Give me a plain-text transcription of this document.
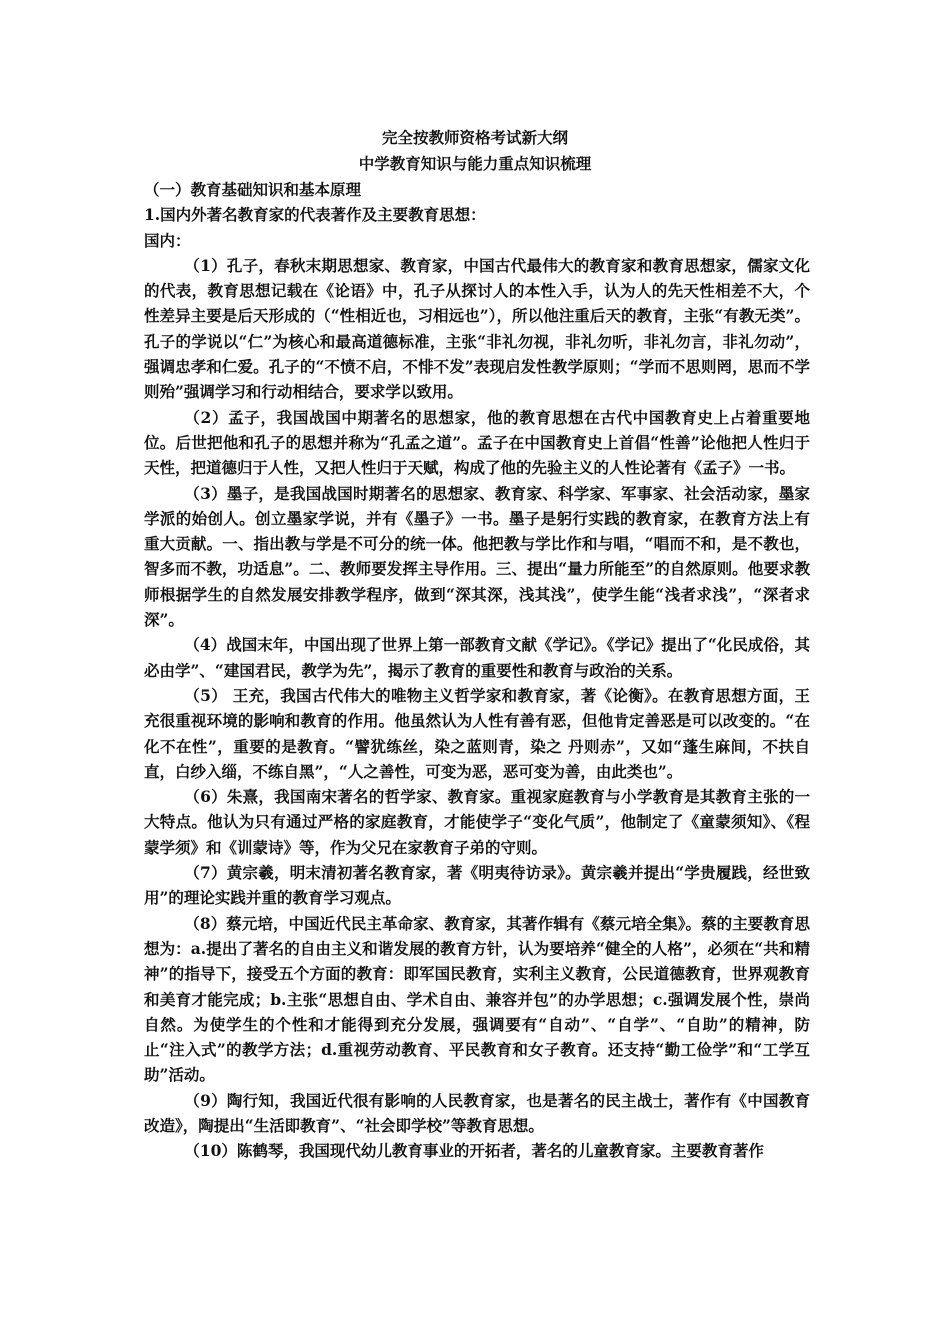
完全按教师资格考试新大纲
中学教育知识与能力重点知识梳理

（一）教育基础知识和基本原理

1.国内外著名教育家的代表著作及主要教育思想：

国内：

（1）孔子，春秋末期思想家、教育家，中国古代最伟大的教育家和教育思想家，儒家文化的代表，教育思想记载在《论语》中，孔子从探讨人的本性入手，认为人的先天性相差不大，个性差异主要是后天形成的（“性相近也，习相远也”），所以他注重后天的教育，主张“有教无类”。孔子的学说以“仁”为核心和最高道德标准，主张“非礼勿视，非礼勿听，非礼勿言，非礼勿动”，强调忠孝和仁爱。孔子的“不愤不启，不悱不发”表现启发性教学原则；“学而不思则罔，思而不学则殆”强调学习和行动相结合，要求学以致用。

（2）孟子，我国战国中期著名的思想家，他的教育思想在古代中国教育史上占着重要地位。后世把他和孔子的思想并称为“孔孟之道”。孟子在中国教育史上首倡“性善”论他把人性归于天性，把道德归于人性，又把人性归于天赋，构成了他的先验主义的人性论著有《孟子》一书。

（3）墨子，是我国战国时期著名的思想家、教育家、科学家、军事家、社会活动家，墨家学派的始创人。创立墨家学说，并有《墨子》一书。墨子是躬行实践的教育家，在教育方法上有重大贡献。一、指出教与学是不可分的统一体。他把教与学比作和与唱，“唱而不和，是不教也，智多而不教，功适息”。二、教师要发挥主导作用。三、提出“量力所能至”的自然原则。他要求教师根据学生的自然发展安排教学程序，做到“深其深，浅其浅”，使学生能“浅者求浅”，“深者求深”。

（4）战国末年，中国出现了世界上第一部教育文献《学记》。《学记》提出了“化民成俗，其必由学”、“建国君民，教学为先”，揭示了教育的重要性和教育与政治的关系。

（5） 王充，我国古代伟大的唯物主义哲学家和教育家，著《论衡》。在教育思想方面，王充很重视环境的影响和教育的作用。他虽然认为人性有善有恶，但他肯定善恶是可以改变的。“在化不在性”，重要的是教育。“譬犹练丝，染之蓝则青，染之 丹则赤”，又如“蓬生麻间，不扶自直，白纱入缁，不练自黑”，“人之善性，可变为恶，恶可变为善，由此类也”。

（6）朱熹，我国南宋著名的哲学家、教育家。重视家庭教育与小学教育是其教育主张的一大特点。他认为只有通过严格的家庭教育，才能使学子“变化气质”，他制定了《童蒙须知》、《程蒙学须》和《训蒙诗》等，作为父兄在家教育子弟的守则。

（7）黄宗羲，明末清初著名教育家，著《明夷待访录》。黄宗羲并提出“学贵履践，经世致用”的理论实践并重的教育学习观点。

（8）蔡元培，中国近代民主革命家、教育家，其著作辑有《蔡元培全集》。蔡的主要教育思想为：a.提出了著名的自由主义和谐发展的教育方针，认为要培养“健全的人格”，必须在“共和精神”的指导下，接受五个方面的教育：即军国民教育，实利主义教育，公民道德教育，世界观教育和美育才能完成；b.主张“思想自由、学术自由、兼容并包”的办学思想；c.强调发展个性，崇尚自然。为使学生的个性和才能得到充分发展，强调要有“自动”、“自学”、“自助”的精神，防止“注入式”的教学方法；d.重视劳动教育、平民教育和女子教育。还支持“勤工俭学”和“工学互助”活动。

（9）陶行知，我国近代很有影响的人民教育家，也是著名的民主战士，著作有《中国教育改造》，陶提出“生活即教育”、“社会即学校”等教育思想。

（10）陈鹤琴，我国现代幼儿教育事业的开拓者，著名的儿童教育家。主要教育著作
